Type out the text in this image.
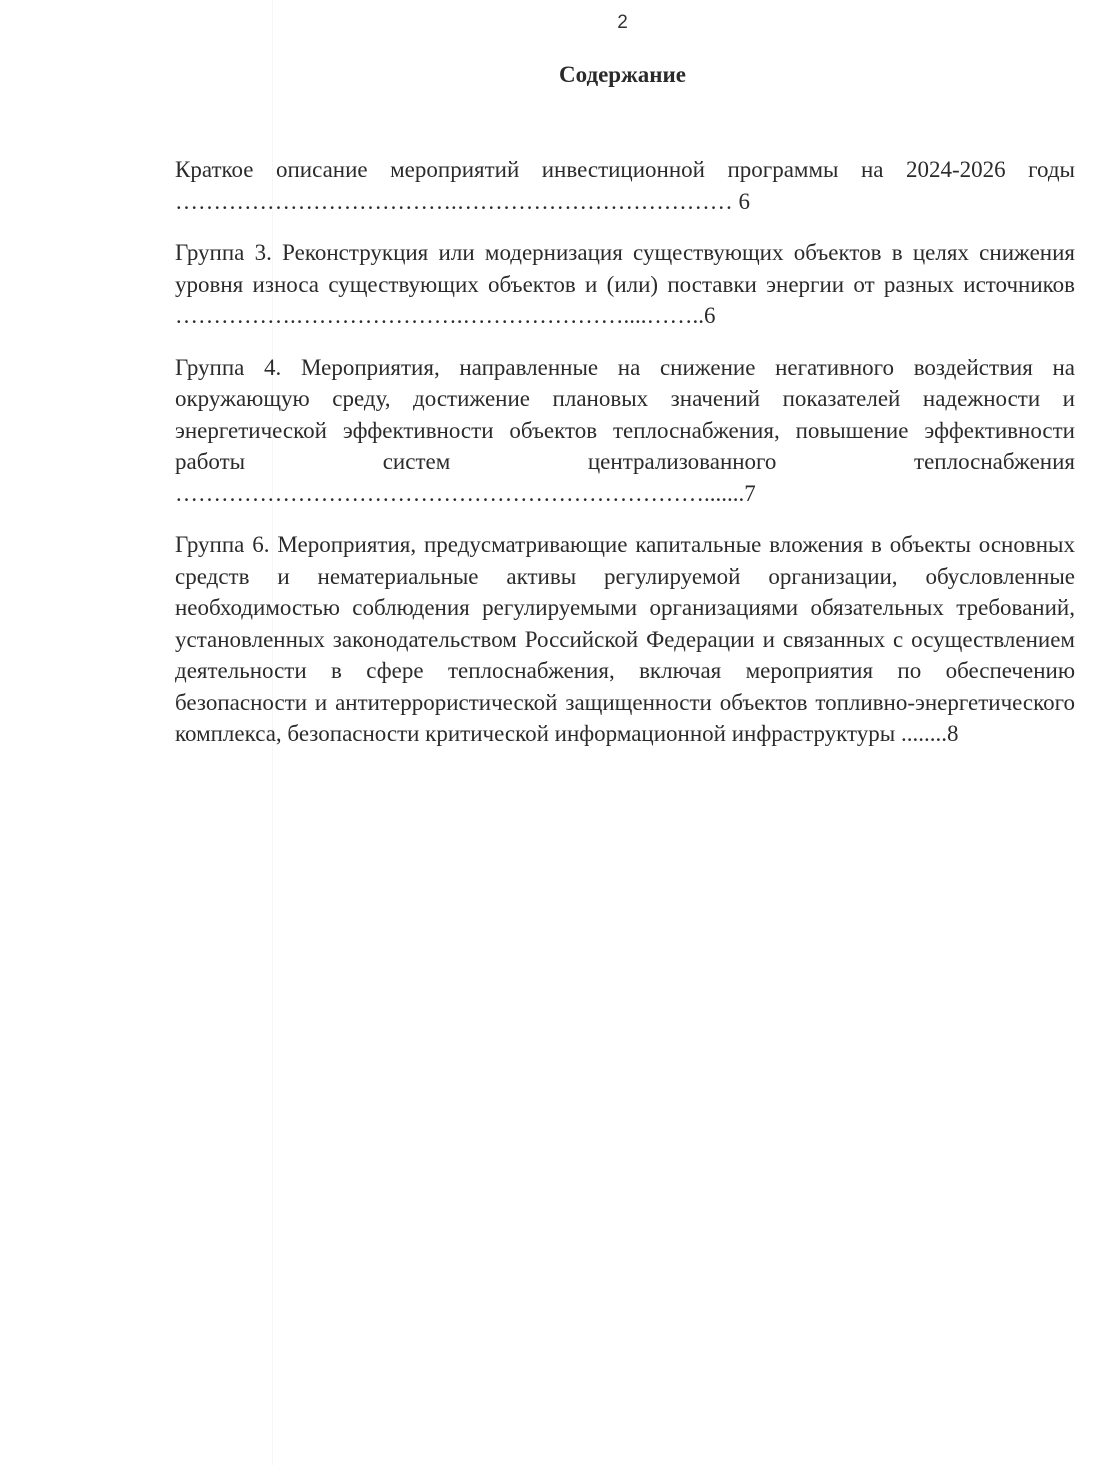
2
Содержание

Краткое описание мероприятий инвестиционной программы на 2024-2026 годы ……………………………….……………………………… 6

Группа 3. Реконструкция или модернизация существующих объектов в целях снижения уровня износа существующих объектов и (или) поставки энергии от разных источников …………….………………….…………………....……..6

Группа 4. Мероприятия, направленные на снижение негативного воздействия на окружающую среду, достижение плановых значений показателей надежности и энергетической эффективности объектов теплоснабжения, повышение эффективности работы систем централизованного теплоснабжения …………………………………………………………….......7

Группа 6. Мероприятия, предусматривающие капитальные вложения в объекты основных средств и нематериальные активы регулируемой организации, обусловленные необходимостью соблюдения регулируемыми организациями обязательных требований, установленных законодательством Российской Федерации и связанных с осуществлением деятельности в сфере теплоснабжения, включая мероприятия по обеспечению безопасности и антитеррористической защищенности объектов топливно-энергетического комплекса, безопасности критической информационной инфраструктуры ........8
